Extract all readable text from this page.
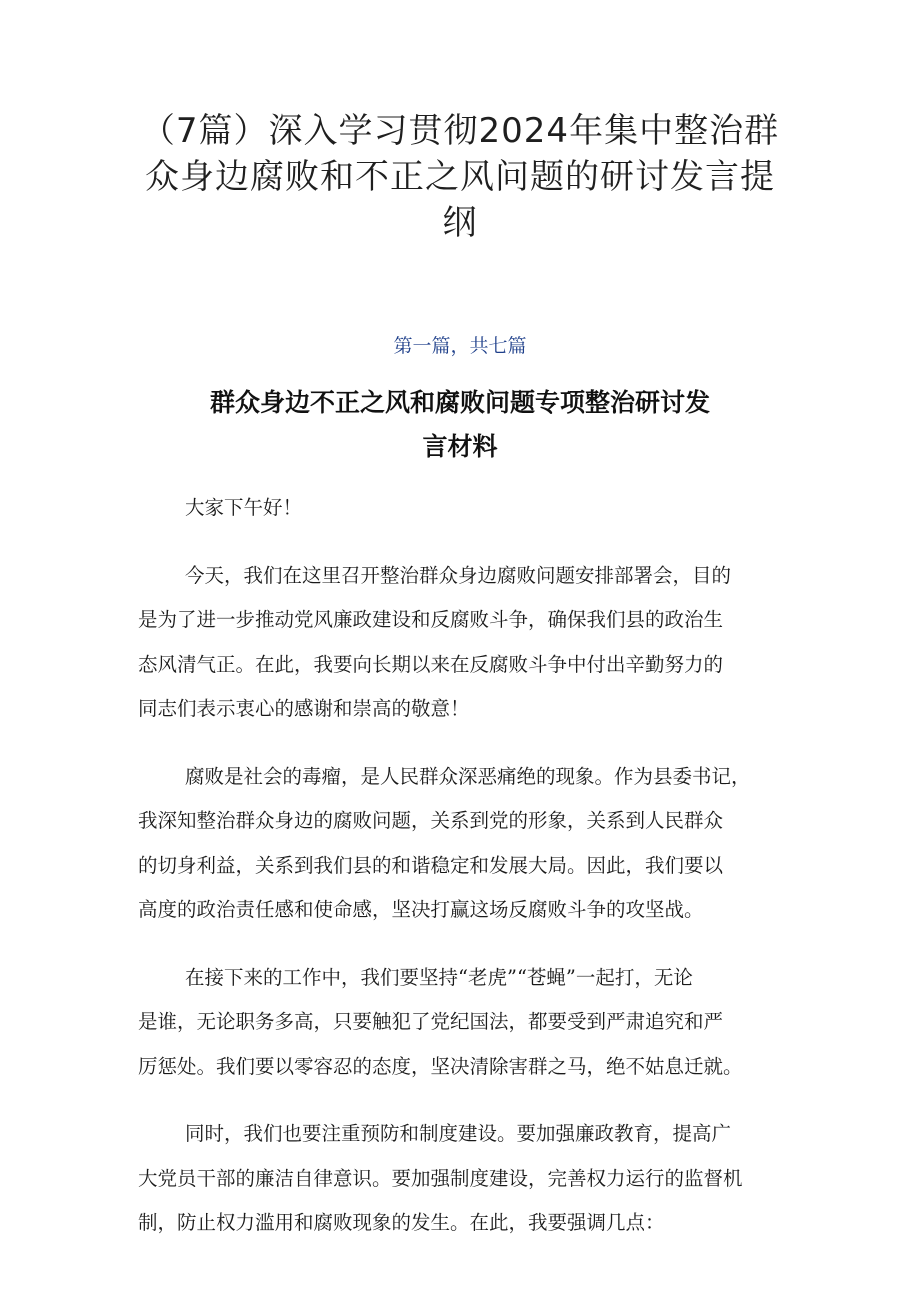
（7篇）深入学习贯彻2024年集中整治群
众身边腐败和不正之风问题的研讨发言提
纲
第一篇，共七篇
群众身边不正之风和腐败问题专项整治研讨发
言材料

大家下午好！

今天，我们在这里召开整治群众身边腐败问题安排部署会，目的
是为了进一步推动党风廉政建设和反腐败斗争，确保我们县的政治生
态风清气正。在此，我要向长期以来在反腐败斗争中付出辛勤努力的
同志们表示衷心的感谢和崇高的敬意！

腐败是社会的毒瘤，是人民群众深恶痛绝的现象。作为县委书记，
我深知整治群众身边的腐败问题，关系到党的形象，关系到人民群众
的切身利益，关系到我们县的和谐稳定和发展大局。因此，我们要以
高度的政治责任感和使命感，坚决打赢这场反腐败斗争的攻坚战。

在接下来的工作中，我们要坚持“老虎”“苍蝇”一起打，无论
是谁，无论职务多高，只要触犯了党纪国法，都要受到严肃追究和严
厉惩处。我们要以零容忍的态度，坚决清除害群之马，绝不姑息迁就。

同时，我们也要注重预防和制度建设。要加强廉政教育，提高广
大党员干部的廉洁自律意识。要加强制度建设，完善权力运行的监督机
制，防止权力滥用和腐败现象的发生。在此，我要强调几点：
